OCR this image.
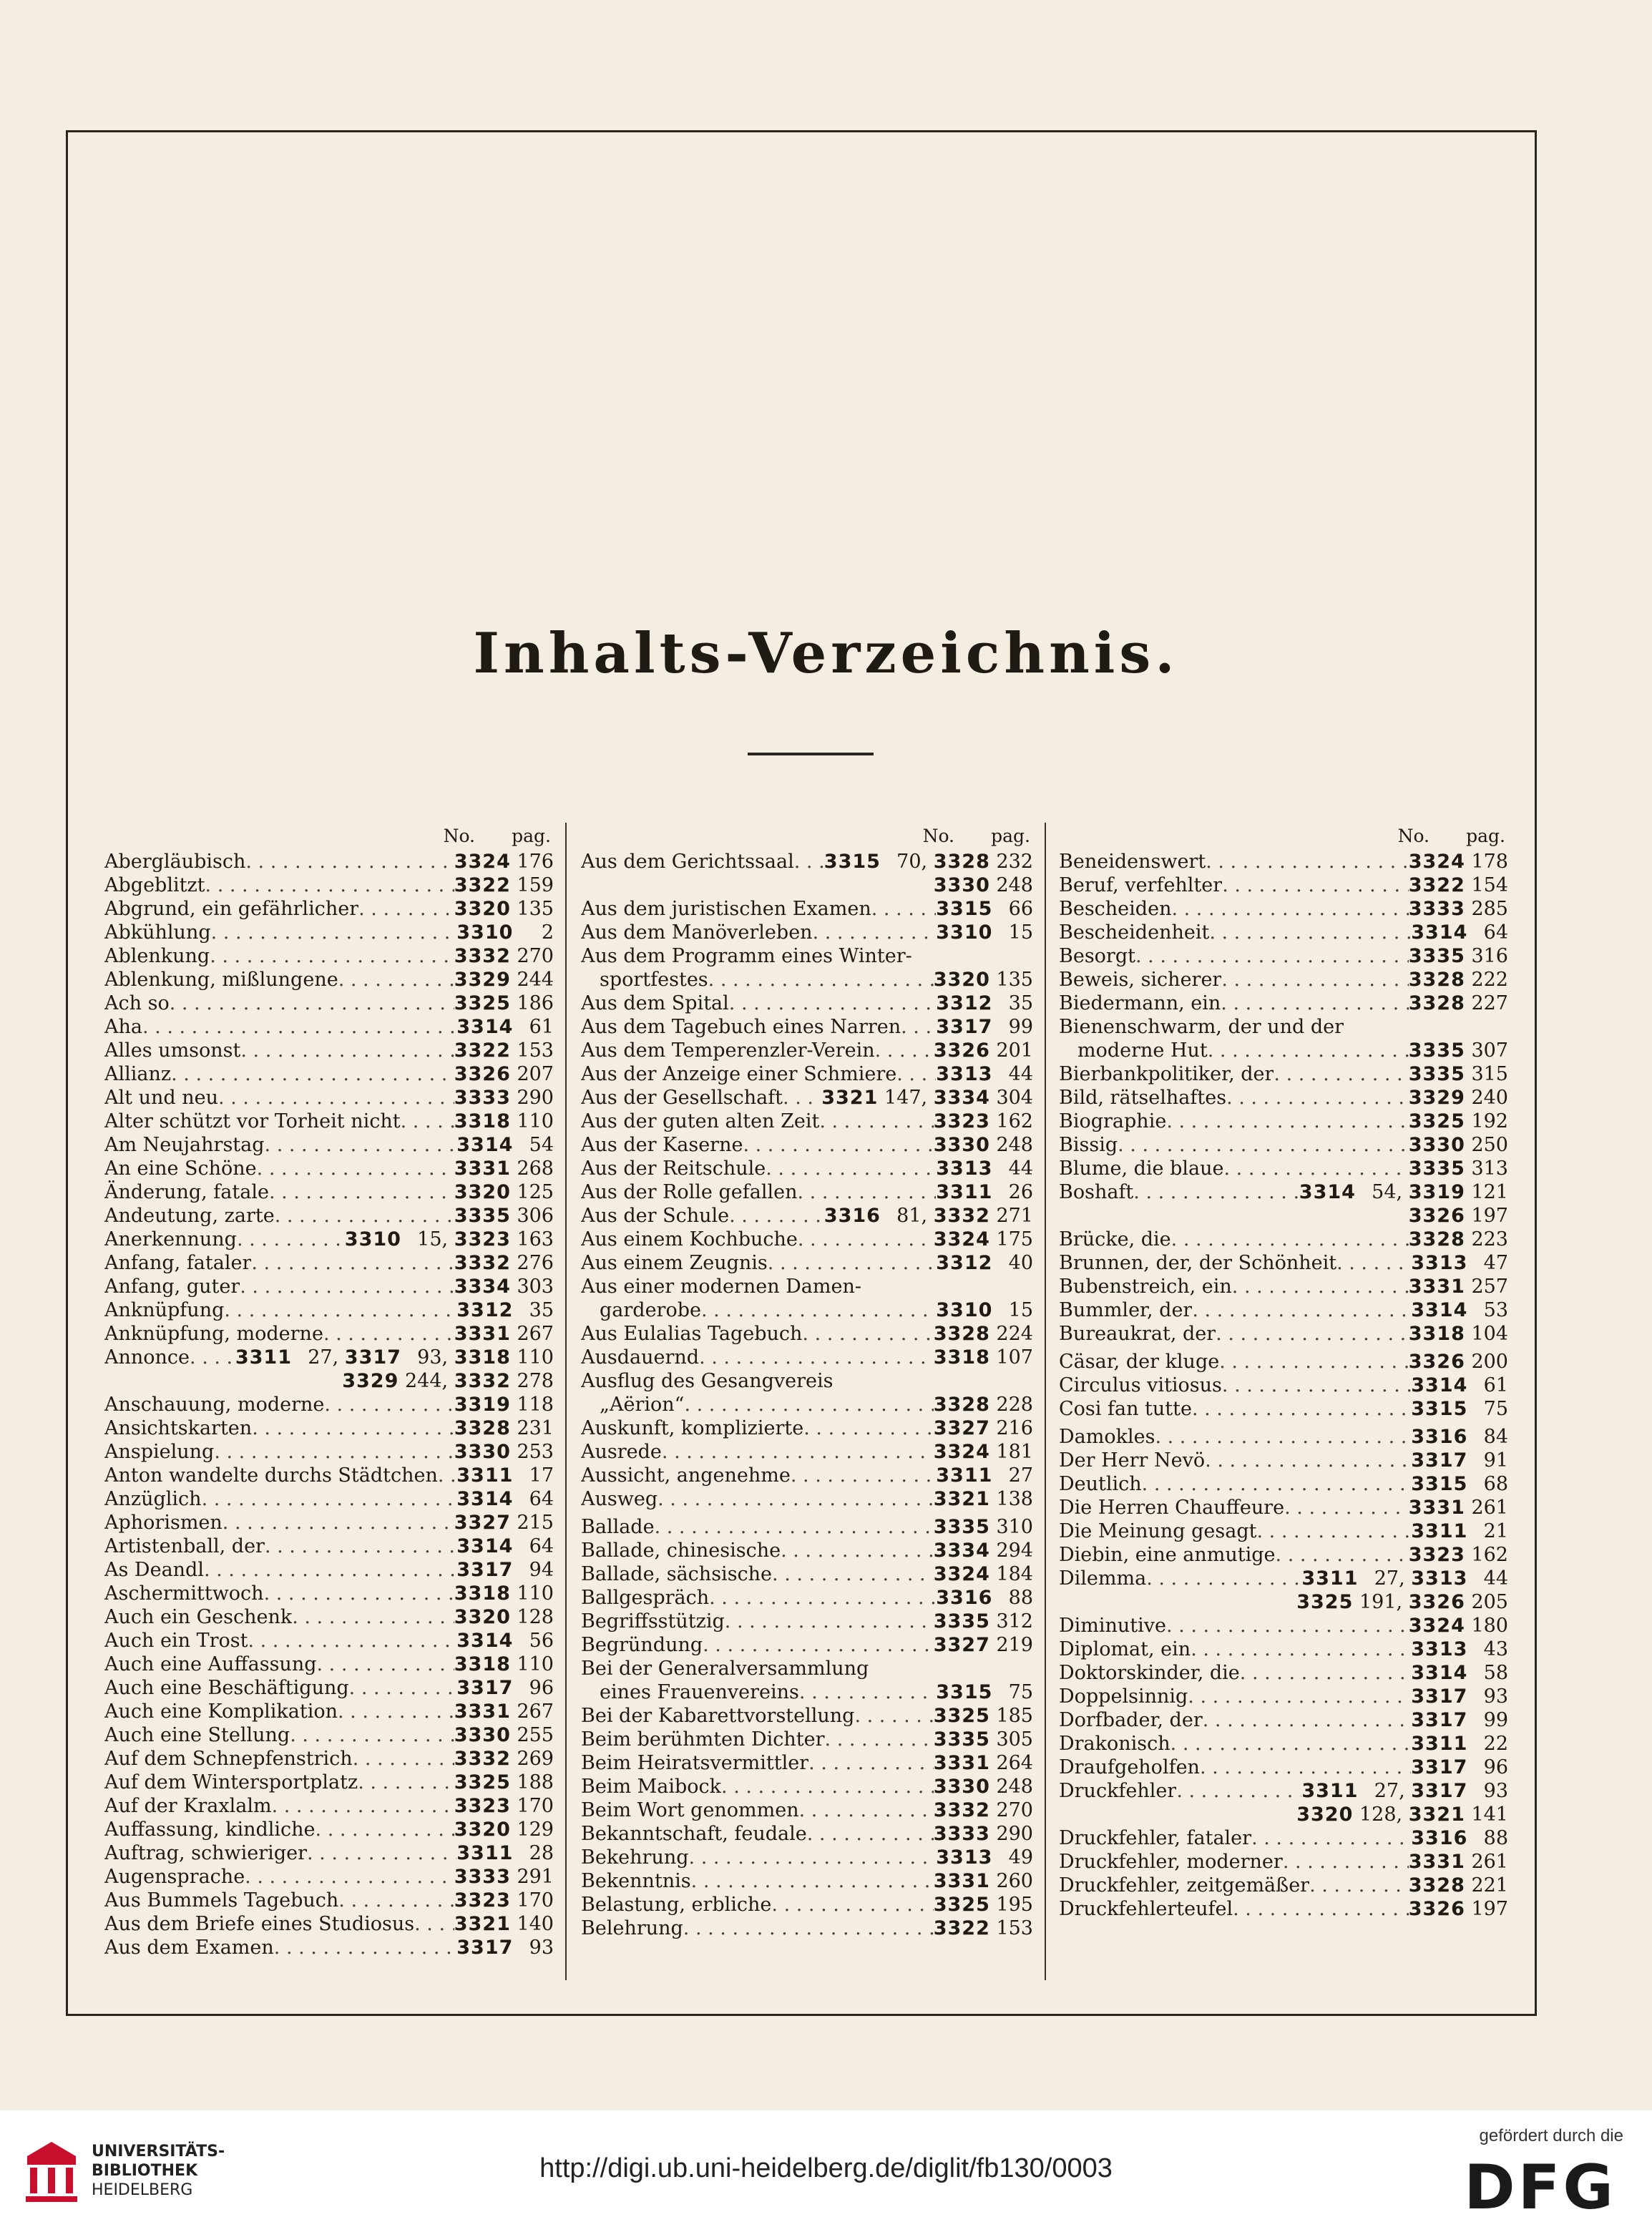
Inhalts-Verzeichnis.
No. pag.
Abergläubisch . . .	3324 176
Abgeblitzt . . .	3322 159
Abgrund, ein gefährlicher . . .	3320 135
Abkühlung . . .	3310 2
Ablenkung . . .	3332 270
Ablenkung, mißlungene . . .	3329 244
Ach so . . .	3325 186
Aha . . .	3314 61
Alles umsonst . . .	3322 153
Allianz . . .	3326 207
Alt und neu . . .	3333 290
Alter schützt vor Torheit nicht . . .	3318 110
Am Neujahrstag . . .	3314 54
An eine Schöne . . .	3331 268
Änderung, fatale . . .	3320 125
Andeutung, zarte . . .	3335 306
Anerkennung . . .	3310 15, 3323 163
Anfang, fataler . . .	3332 276
Anfang, guter . . .	3334 303
Anknüpfung . . .	3312 35
Anknüpfung, moderne . . .	3331 267
Annonce . . . 3311 27, 3317 93, 3318 110
3329 244, 3332 278
Anschauung, moderne . . .	3319 118
Ansichtskarten . . .	3328 231
Anspielung . . .	3330 253
Anton wandelte durchs Städtchen . . . 3311 17
Anzüglich . . .	3314 64
Aphorismen . . .	3327 215
Artistenball, der . . .	3314 64
As Deandl . . .	3317 94
Aschermittwoch . . .	3318 110
Auch ein Geschenk . . .	3320 128
Auch ein Trost . . .	3314 56
Auch eine Auffassung . . .	3318 110
Auch eine Beschäftigung . . .	3317 96
Auch eine Komplikation . . .	3331 267
Auch eine Stellung . . .	3330 255
Auf dem Schnepfenstrich . . .	3332 269
Auf dem Wintersportplatz . . .	3325 188
Auf der Kraxlalm . . .	3323 170
Auffassung, kindliche . . .	3320 129
Auftrag, schwieriger . . .	3311 28
Augensprache . . .	3333 291
Aus Bummels Tagebuch . . .	3323 170
Aus dem Briefe eines Studiosus . . . 3321 140
Aus dem Examen . . .	3317 93
No. pag.
Aus dem Gerichtssaal . . . 3315 70, 3328 232
3330 248
Aus dem juristischen Examen . . .	3315 66
Aus dem Manöverleben . . .	3310 15
Aus dem Programm eines Winter-
sportfestes . . .	3320 135
Aus dem Spital . . .	3312 35
Aus dem Tagebuch eines Narren . . . 3317 99
Aus dem Temperenzler-Verein . . .	3326 201
Aus der Anzeige einer Schmiere . . . 3313 44
Aus der Gesellschaft . . . 3321 147, 3334 304
Aus der guten alten Zeit . . .	3323 162
Aus der Kaserne . . .	3330 248
Aus der Reitschule . . .	3313 44
Aus der Rolle gefallen . . .	3311 26
Aus der Schule . . .	3316 81, 3332 271
Aus einem Kochbuche . . .	3324 175
Aus einem Zeugnis . . .	3312 40
Aus einer modernen Damen-
garderobe . . .	3310 15
Aus Eulalias Tagebuch . . .	3328 224
Ausdauernd . . .	3318 107
Ausflug des Gesangvereis
„Aërion“ . . .	3328 228
Auskunft, komplizierte . . .	3327 216
Ausrede . . .	3324 181
Aussicht, angenehme . . .	3311 27
Ausweg . . .	3321 138
Ballade . . .	3335 310
Ballade, chinesische . . .	3334 294
Ballade, sächsische . . .	3324 184
Ballgespräch . . .	3316 88
Begriffsstützig . . .	3335 312
Begründung . . .	3327 219
Bei der Generalversammlung
eines Frauenvereins . . .	3315 75
Bei der Kabarettvorstellung . . .	3325 185
Beim berühmten Dichter . . .	3335 305
Beim Heiratsvermittler . . .	3331 264
Beim Maibock . . .	3330 248
Beim Wort genommen . . .	3332 270
Bekanntschaft, feudale . . .	3333 290
Bekehrung . . .	3313 49
Bekenntnis . . .	3331 260
Belastung, erbliche . . .	3325 195
Belehrung . . .	3322 153
No. pag.
Beneidenswert . . .	3324 178
Beruf, verfehlter . . .	3322 154
Bescheiden . . .	3333 285
Bescheidenheit . . .	3314 64
Besorgt . . .	3335 316
Beweis, sicherer . . .	3328 222
Biedermann, ein . . .	3328 227
Bienenschwarm, der und der
moderne Hut . . .	3335 307
Bierbankpolitiker, der . . .	3335 315
Bild, rätselhaftes . . .	3329 240
Biographie . . .	3325 192
Bissig . . .	3330 250
Blume, die blaue . . .	3335 313
Boshaft . . .	3314 54, 3319 121
3326 197
Brücke, die . . .	3328 223
Brunnen, der, der Schönheit . . .	3313 47
Bubenstreich, ein . . .	3331 257
Bummler, der . . .	3314 53
Bureaukrat, der . . .	3318 104
Cäsar, der kluge . . .	3326 200
Circulus vitiosus . . .	3314 61
Cosi fan tutte . . .	3315 75
Damokles . . .	3316 84
Der Herr Nevö . . .	3317 91
Deutlich . . .	3315 68
Die Herren Chauffeure . . .	3331 261
Die Meinung gesagt . . .	3311 21
Diebin, eine anmutige . . .	3323 162
Dilemma . . .	3311 27, 3313 44
3325 191, 3326 205
Diminutive . . .	3324 180
Diplomat, ein . . .	3313 43
Doktorskinder, die . . .	3314 58
Doppelsinnig . . .	3317 93
Dorfbader, der . . .	3317 99
Drakonisch . . .	3311 22
Draufgeholfen . . .	3317 96
Druckfehler . . .	3311 27, 3317 93
3320 128, 3321 141
Druckfehler, fataler . . .	3316 88
Druckfehler, moderner . . .	3331 261
Druckfehler, zeitgemäßer . . .	3328 221
Druckfehlerteufel . . .	3326 197
UNIVERSITÄTS-
BIBLIOTHEK
HEIDELBERG
http://digi.ub.uni-heidelberg.de/diglit/fb130/0003
gefördert durch die
DFG
